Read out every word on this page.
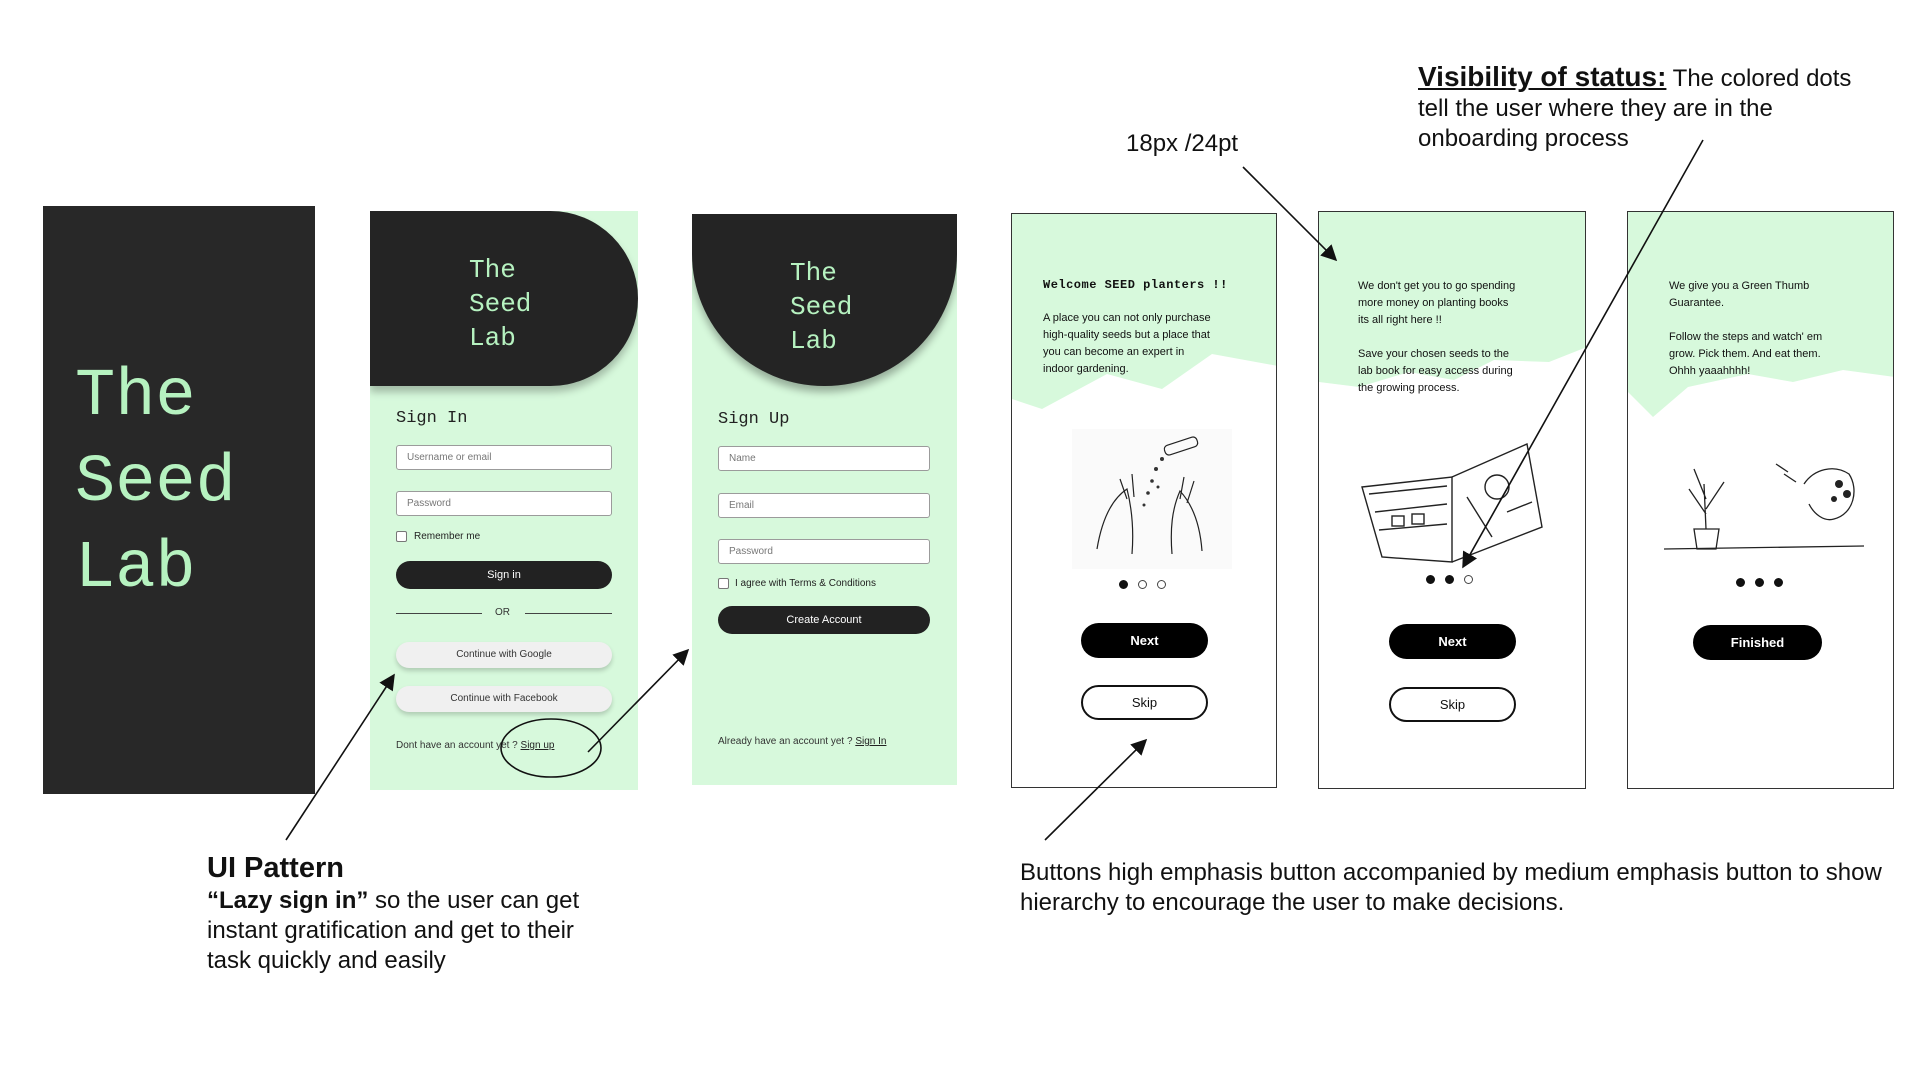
The
Seed
Lab
The
Seed
Lab
Sign In
Username or email
Password
Remember me
Sign in
OR
Continue with Google
Continue with Facebook
Dont have an account yet ? Sign up
The
Seed
Lab
Sign Up
Name
Email
Password
I agree with Terms & Conditions
Create Account
Already have an account yet ? Sign In
Welcome SEED planters !!
A place you can not only purchase
high-quality seeds but a place that
you can become an expert in
indoor gardening.
Next
Skip
We don't get you to go spending
more money on planting books
its all right here !!
Save your chosen seeds to the
lab book for easy access during
the growing process.
Next
Skip
We give you a Green Thumb
Guarantee.
Follow the steps and watch' em
grow. Pick them. And eat them.
Ohhh yaaahhhh!
Finished
Visibility of status: The colored dots
tell the user where they are in the
onboarding process
18px /24pt
UI Pattern
“Lazy sign in” so the user can get
instant gratification and get to their
task quickly and easily
Buttons high emphasis button accompanied by medium emphasis button to show
hierarchy to encourage the user to make decisions.
